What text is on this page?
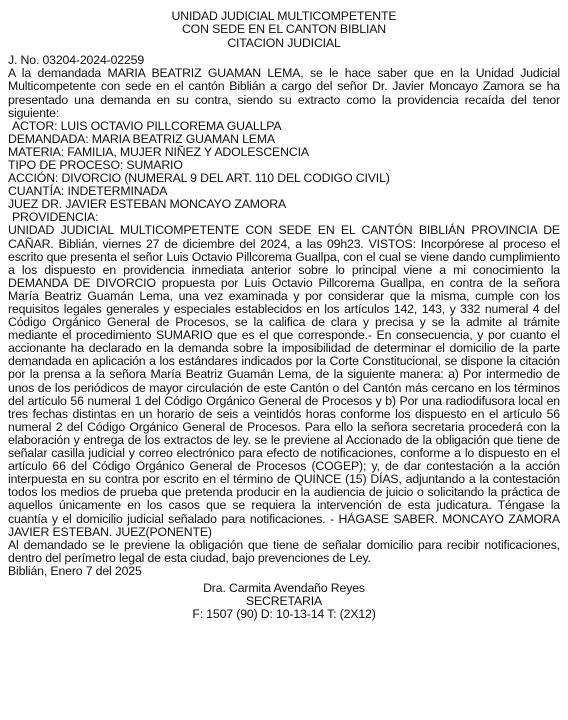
UNIDAD JUDICIAL MULTICOMPETENTE
CON SEDE EN EL CANTON BIBLIAN
CITACION JUDICIAL
J. No. 03204-2024-02259

A la demandada MARIA BEATRIZ GUAMAN LEMA, se le hace saber que en la Unidad Judicial Multicompetente con sede en el cantón Biblián a cargo del señor Dr. Javier Moncayo Zamora se ha presentado una demanda en su contra, siendo su extracto como la providencia recaída del tenor siguiente:

ACTOR: LUIS OCTAVIO PILLCOREMA GUALLPA
DEMANDADA: MARIA BEATRIZ GUAMAN LEMA
MATERIA: FAMILIA, MUJER NIÑEZ Y ADOLESCENCIA
TIPO DE PROCESO: SUMARIO
ACCIÓN: DIVORCIO (NUMERAL 9 DEL ART. 110 DEL CODIGO CIVIL)
CUANTÍA: INDETERMINADA
JUEZ DR. JAVIER ESTEBAN MONCAYO ZAMORA
PROVIDENCIA:

UNIDAD JUDICIAL MULTICOMPETENTE CON SEDE EN EL CANTÓN BIBLIÁN PROVINCIA DE CAÑAR. Biblián, viernes 27 de diciembre del 2024, a las 09h23. VISTOS: Incorpórese al proceso el escrito que presenta el señor Luis Octavio Pillcorema Guallpa, con el cual se viene dando cumplimiento a los dispuesto en providencia inmediata anterior sobre lo principal viene a mi conocimiento la DEMANDA DE DIVORCIO propuesta por Luis Octavio Pillcorema Guallpa, en contra de la señora María Beatriz Guamán Lema, una vez examinada y por considerar que la misma, cumple con los requisitos legales generales y especiales establecidos en los artículos 142, 143, y 332 numeral 4 del Código Orgánico General de Procesos, se la califica de clara y precisa y se la admite al trámite mediante el procedimiento SUMARIO que es el que corresponde.- En consecuencia, y por cuanto el accionante ha declarado en la demanda sobre la imposibilidad de determinar el domicilio de la parte demandada en aplicación a los estándares indicados por la Corte Constitucional, se dispone la citación por la prensa a la señora María Beatriz Guamán Lema, de la siguiente manera: a) Por intermedio de unos de los periódicos de mayor circulación de este Cantón o del Cantón más cercano en los términos del artículo 56 numeral 1 del Código Orgánico General de Procesos y b) Por una radiodifusora local en tres fechas distintas en un horario de seis a veintidós horas conforme los dispuesto en el artículo 56 numeral 2 del Código Orgánico General de Procesos. Para ello la señora secretaria procederá con la elaboración y entrega de los extractos de ley. se le previene al Accionado de la obligación que tiene de señalar casilla judicial y correo electrónico para efecto de notificaciones, conforme a lo dispuesto en el artículo 66 del Código Orgánico General de Procesos (COGEP); y, de dar contestación a la acción interpuesta en su contra por escrito en el término de QUINCE (15) DÍAS, adjuntando a la contestación todos los medios de prueba que pretenda producir en la audiencia de juicio o solicitando la práctica de aquellos únicamente en los casos que se requiera la intervención de esta judicatura. Téngase la cuantía y el domicilio judicial señalado para notificaciones. - HÁGASE SABER. MONCAYO ZAMORA JAVIER ESTEBAN. JUEZ(PONENTE)

Al demandado se le previene la obligación que tiene de señalar domicilio para recibir notificaciones, dentro del perímetro legal de esta ciudad, bajo prevenciones de Ley.

Biblián, Enero 7 del 2025
Dra. Carmita Avendaño Reyes
SECRETARIA
F: 1507 (90) D: 10-13-14 T: (2X12)
